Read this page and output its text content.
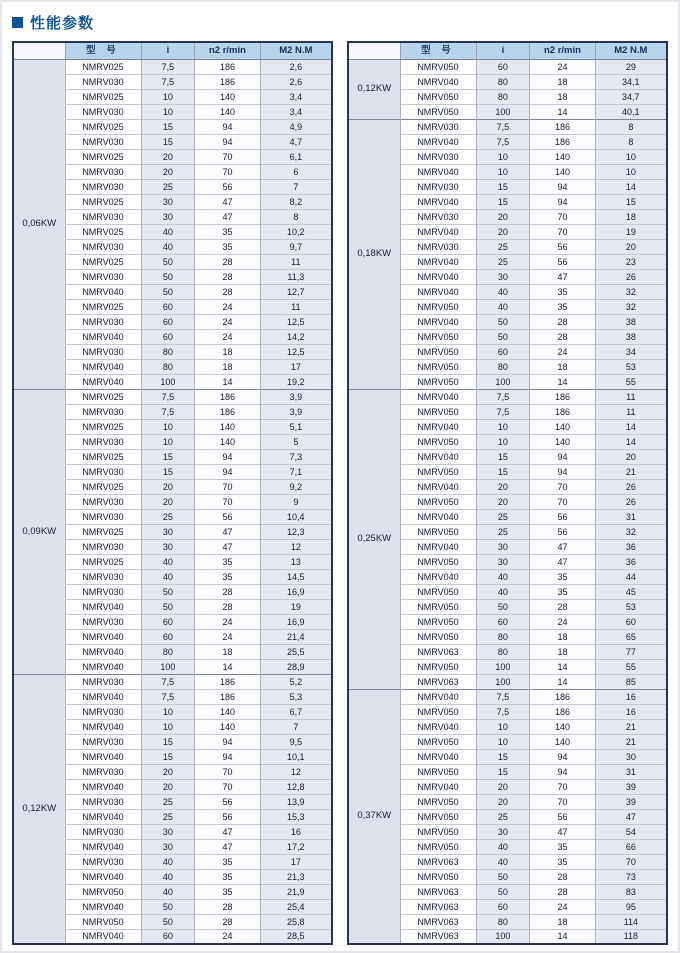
性能参数
	型 号	i	n2 r/min	M2 N.M
0,06KW	NMRV025	7,5	186	2,6
	NMRV030	7,5	186	2,6
	NMRV025	10	140	3,4
	NMRV030	10	140	3,4
	NMRV025	15	94	4,9
	NMRV030	15	94	4,7
	NMRV025	20	70	6,1
	NMRV030	20	70	6
	NMRV030	25	56	7
	NMRV025	30	47	8,2
	NMRV030	30	47	8
	NMRV025	40	35	10,2
	NMRV030	40	35	9,7
	NMRV025	50	28	11
	NMRV030	50	28	11,3
	NMRV040	50	28	12,7
	NMRV025	60	24	11
	NMRV030	60	24	12,5
	NMRV040	60	24	14,2
	NMRV030	80	18	12,5
	NMRV040	80	18	17
	NMRV040	100	14	19,2
0,09KW	NMRV025	7,5	186	3,9
	NMRV030	7,5	186	3,9
	NMRV025	10	140	5,1
	NMRV030	10	140	5
	NMRV025	15	94	7,3
	NMRV030	15	94	7,1
	NMRV025	20	70	9,2
	NMRV030	20	70	9
	NMRV030	25	56	10,4
	NMRV025	30	47	12,3
	NMRV030	30	47	12
	NMRV025	40	35	13
	NMRV030	40	35	14,5
	NMRV030	50	28	16,9
	NMRV040	50	28	19
	NMRV030	60	24	16,9
	NMRV040	60	24	21,4
	NMRV040	80	18	25,5
	NMRV040	100	14	28,9
0,12KW	NMRV030	7,5	186	5,2
	NMRV040	7,5	186	5,3
	NMRV030	10	140	6,7
	NMRV040	10	140	7
	NMRV030	15	94	9,5
	NMRV040	15	94	10,1
	NMRV030	20	70	12
	NMRV040	20	70	12,8
	NMRV030	25	56	13,9
	NMRV040	25	56	15,3
	NMRV030	30	47	16
	NMRV040	30	47	17,2
	NMRV030	40	35	17
	NMRV040	40	35	21,3
	NMRV050	40	35	21,9
	NMRV040	50	28	25,4
	NMRV050	50	28	25,8
	NMRV040	60	24	28,5
	型 号	i	n2 r/min	M2 N.M
0,12KW	NMRV050	60	24	29
	NMRV040	80	18	34,1
	NMRV050	80	18	34,7
	NMRV050	100	14	40,1
0,18KW	NMRV030	7,5	186	8
	NMRV040	7,5	186	8
	NMRV030	10	140	10
	NMRV040	10	140	10
	NMRV030	15	94	14
	NMRV040	15	94	15
	NMRV030	20	70	18
	NMRV040	20	70	19
	NMRV030	25	56	20
	NMRV040	25	56	23
	NMRV040	30	47	26
	NMRV040	40	35	32
	NMRV050	40	35	32
	NMRV040	50	28	38
	NMRV050	50	28	38
	NMRV050	60	24	34
	NMRV050	80	18	53
	NMRV050	100	14	55
0,25KW	NMRV040	7,5	186	11
	NMRV050	7,5	186	11
	NMRV040	10	140	14
	NMRV050	10	140	14
	NMRV040	15	94	20
	NMRV050	15	94	21
	NMRV040	20	70	26
	NMRV050	20	70	26
	NMRV040	25	56	31
	NMRV050	25	56	32
	NMRV040	30	47	36
	NMRV050	30	47	36
	NMRV040	40	35	44
	NMRV050	40	35	45
	NMRV050	50	28	53
	NMRV050	60	24	60
	NMRV050	80	18	65
	NMRV063	80	18	77
	NMRV050	100	14	55
	NMRV063	100	14	85
0,37KW	NMRV040	7,5	186	16
	NMRV050	7,5	186	16
	NMRV040	10	140	21
	NMRV050	10	140	21
	NMRV040	15	94	30
	NMRV050	15	94	31
	NMRV040	20	70	39
	NMRV050	20	70	39
	NMRV050	25	56	47
	NMRV050	30	47	54
	NMRV050	40	35	66
	NMRV063	40	35	70
	NMRV050	50	28	73
	NMRV063	50	28	83
	NMRV063	60	24	95
	NMRV063	80	18	114
	NMRV063	100	14	118
